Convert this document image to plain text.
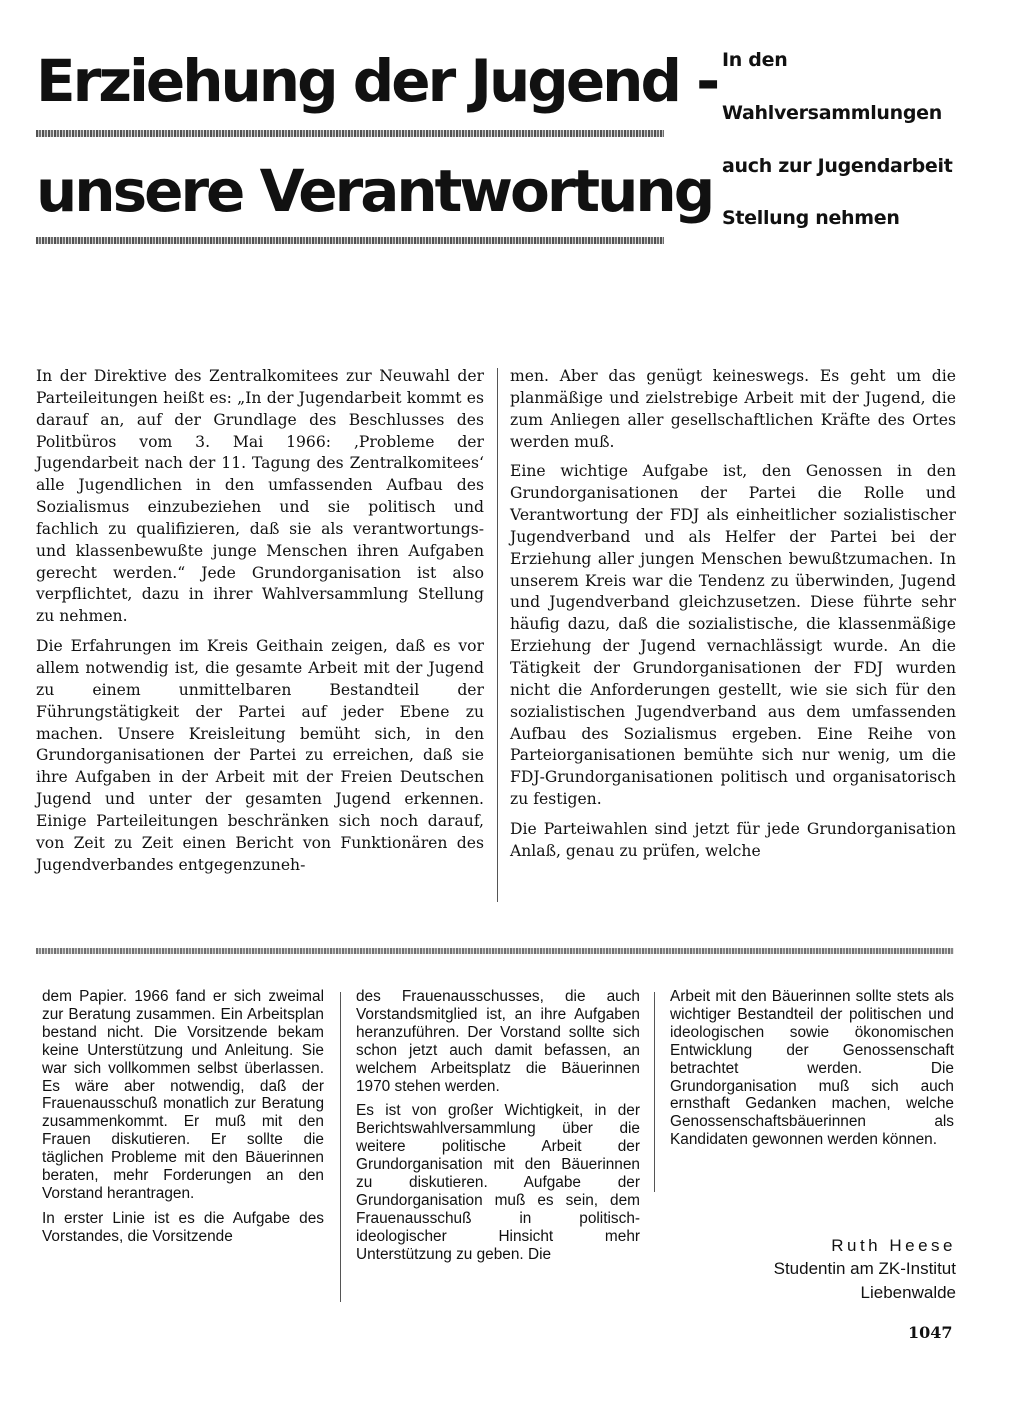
Erziehung der Jugend -
unsere Verantwortung

In den

Wahlversammlungen

auch zur Jugendarbeit

Stellung nehmen

In der Direktive des Zentralkomitees zur Neuwahl der Parteileitungen heißt es: „In der Jugendarbeit kommt es darauf an, auf der Grundlage des Beschlusses des Politbüros vom 3. Mai 1966: ‚Probleme der Jugendarbeit nach der 11. Tagung des Zentralkomitees‘ alle Jugendlichen in den umfassenden Aufbau des Sozialismus einzubeziehen und sie politisch und fachlich zu qualifizieren, daß sie als verantwortungs- und klassenbewußte junge Menschen ihren Aufgaben gerecht werden.“ Jede Grundorganisation ist also verpflichtet, dazu in ihrer Wahlversammlung Stellung zu nehmen.

Die Erfahrungen im Kreis Geithain zeigen, daß es vor allem notwendig ist, die gesamte Arbeit mit der Jugend zu einem unmittelbaren Bestandteil der Führungstätigkeit der Partei auf jeder Ebene zu machen. Unsere Kreisleitung bemüht sich, in den Grundorganisationen der Partei zu erreichen, daß sie ihre Aufgaben in der Arbeit mit der Freien Deutschen Jugend und unter der gesamten Jugend erkennen. Einige Parteileitungen beschränken sich noch darauf, von Zeit zu Zeit einen Bericht von Funktionären des Jugendverbandes entgegenzuneh-

men. Aber das genügt keineswegs. Es geht um die planmäßige und zielstrebige Arbeit mit der Jugend, die zum Anliegen aller gesellschaftlichen Kräfte des Ortes werden muß.

Eine wichtige Aufgabe ist, den Genossen in den Grundorganisationen der Partei die Rolle und Verantwortung der FDJ als einheitlicher sozialistischer Jugendverband und als Helfer der Partei bei der Erziehung aller jungen Menschen bewußtzumachen. In unserem Kreis war die Tendenz zu überwinden, Jugend und Jugendverband gleichzusetzen. Diese führte sehr häufig dazu, daß die sozialistische, die klassenmäßige Erziehung der Jugend vernachlässigt wurde. An die Tätigkeit der Grundorganisationen der FDJ wurden nicht die Anforderungen gestellt, wie sie sich für den sozialistischen Jugendverband aus dem umfassenden Aufbau des Sozialismus ergeben. Eine Reihe von Parteiorganisationen bemühte sich nur wenig, um die FDJ-Grundorganisationen politisch und organisatorisch zu festigen.

Die Parteiwahlen sind jetzt für jede Grundorganisation Anlaß, genau zu prüfen, welche

dem Papier. 1966 fand er sich zweimal zur Beratung zusammen. Ein Arbeitsplan bestand nicht. Die Vorsitzende bekam keine Unterstützung und Anleitung. Sie war sich vollkommen selbst überlassen. Es wäre aber notwendig, daß der Frauenausschuß monatlich zur Beratung zusammenkommt. Er muß mit den Frauen diskutieren. Er sollte die täglichen Probleme mit den Bäuerinnen beraten, mehr Forderungen an den Vorstand herantragen.

In erster Linie ist es die Aufgabe des Vorstandes, die Vorsitzende

des Frauenausschusses, die auch Vorstandsmitglied ist, an ihre Aufgaben heranzuführen. Der Vorstand sollte sich schon jetzt auch damit befassen, an welchem Arbeitsplatz die Bäuerinnen 1970 stehen werden.

Es ist von großer Wichtigkeit, in der Berichtswahlversammlung über die weitere politische Arbeit der Grundorganisation mit den Bäuerinnen zu diskutieren. Aufgabe der Grundorganisation muß es sein, dem Frauenausschuß in politisch-ideologischer Hinsicht mehr Unterstützung zu geben. Die

Arbeit mit den Bäuerinnen sollte stets als wichtiger Bestandteil der politischen und ideologischen sowie ökonomischen Entwicklung der Genossenschaft betrachtet werden. Die Grundorganisation muß sich auch ernsthaft Gedanken machen, welche Genossenschaftsbäuerinnen als Kandidaten gewonnen werden können.

Ruth Heese

Studentin am ZK-Institut

Liebenwalde

1047
